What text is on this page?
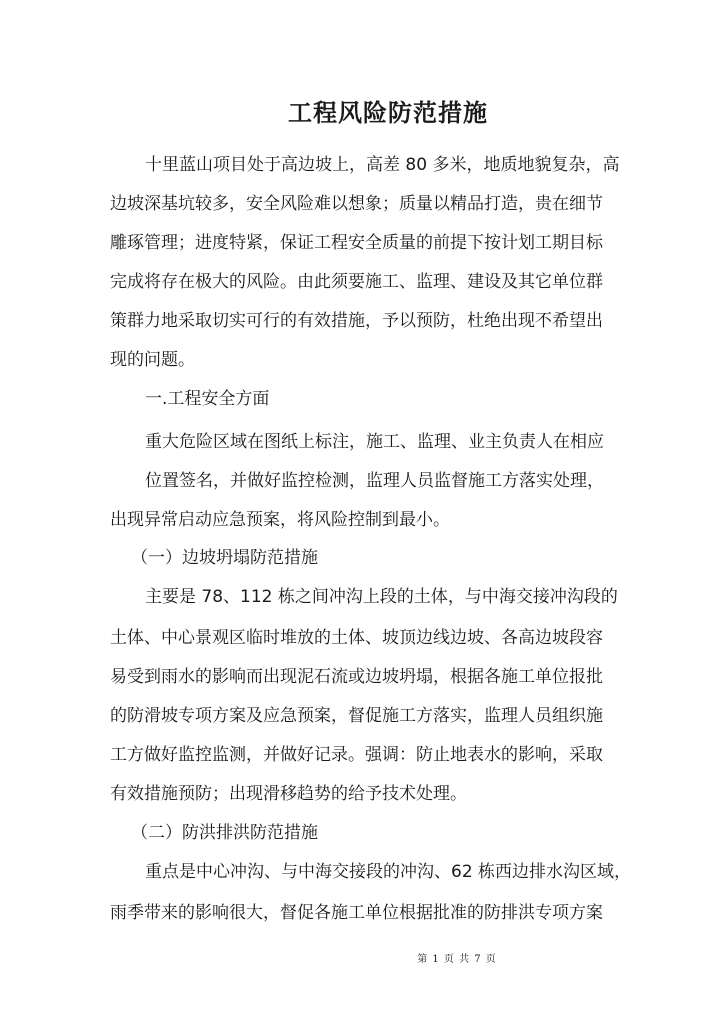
工程风险防范措施

十里蓝山项目处于高边坡上，高差 80 多米，地质地貌复杂，高

边坡深基坑较多，安全风险难以想象；质量以精品打造，贵在细节

雕琢管理；进度特紧，保证工程安全质量的前提下按计划工期目标

完成将存在极大的风险。由此须要施工、监理、建设及其它单位群

策群力地采取切实可行的有效措施，予以预防，杜绝出现不希望出

现的问题。

一.工程安全方面

重大危险区域在图纸上标注，施工、监理、业主负责人在相应

位置签名，并做好监控检测，监理人员监督施工方落实处理，

出现异常启动应急预案，将风险控制到最小。

（一）边坡坍塌防范措施

主要是 78、112 栋之间冲沟上段的土体，与中海交接冲沟段的

土体、中心景观区临时堆放的土体、坡顶边线边坡、各高边坡段容

易受到雨水的影响而出现泥石流或边坡坍塌，根据各施工单位报批

的防滑坡专项方案及应急预案，督促施工方落实，监理人员组织施

工方做好监控监测，并做好记录。强调：防止地表水的影响，采取

有效措施预防；出现滑移趋势的给予技术处理。

（二）防洪排洪防范措施

重点是中心冲沟、与中海交接段的冲沟、62 栋西边排水沟区域，

雨季带来的影响很大，督促各施工单位根据批准的防排洪专项方案

第 1 页 共 7 页
